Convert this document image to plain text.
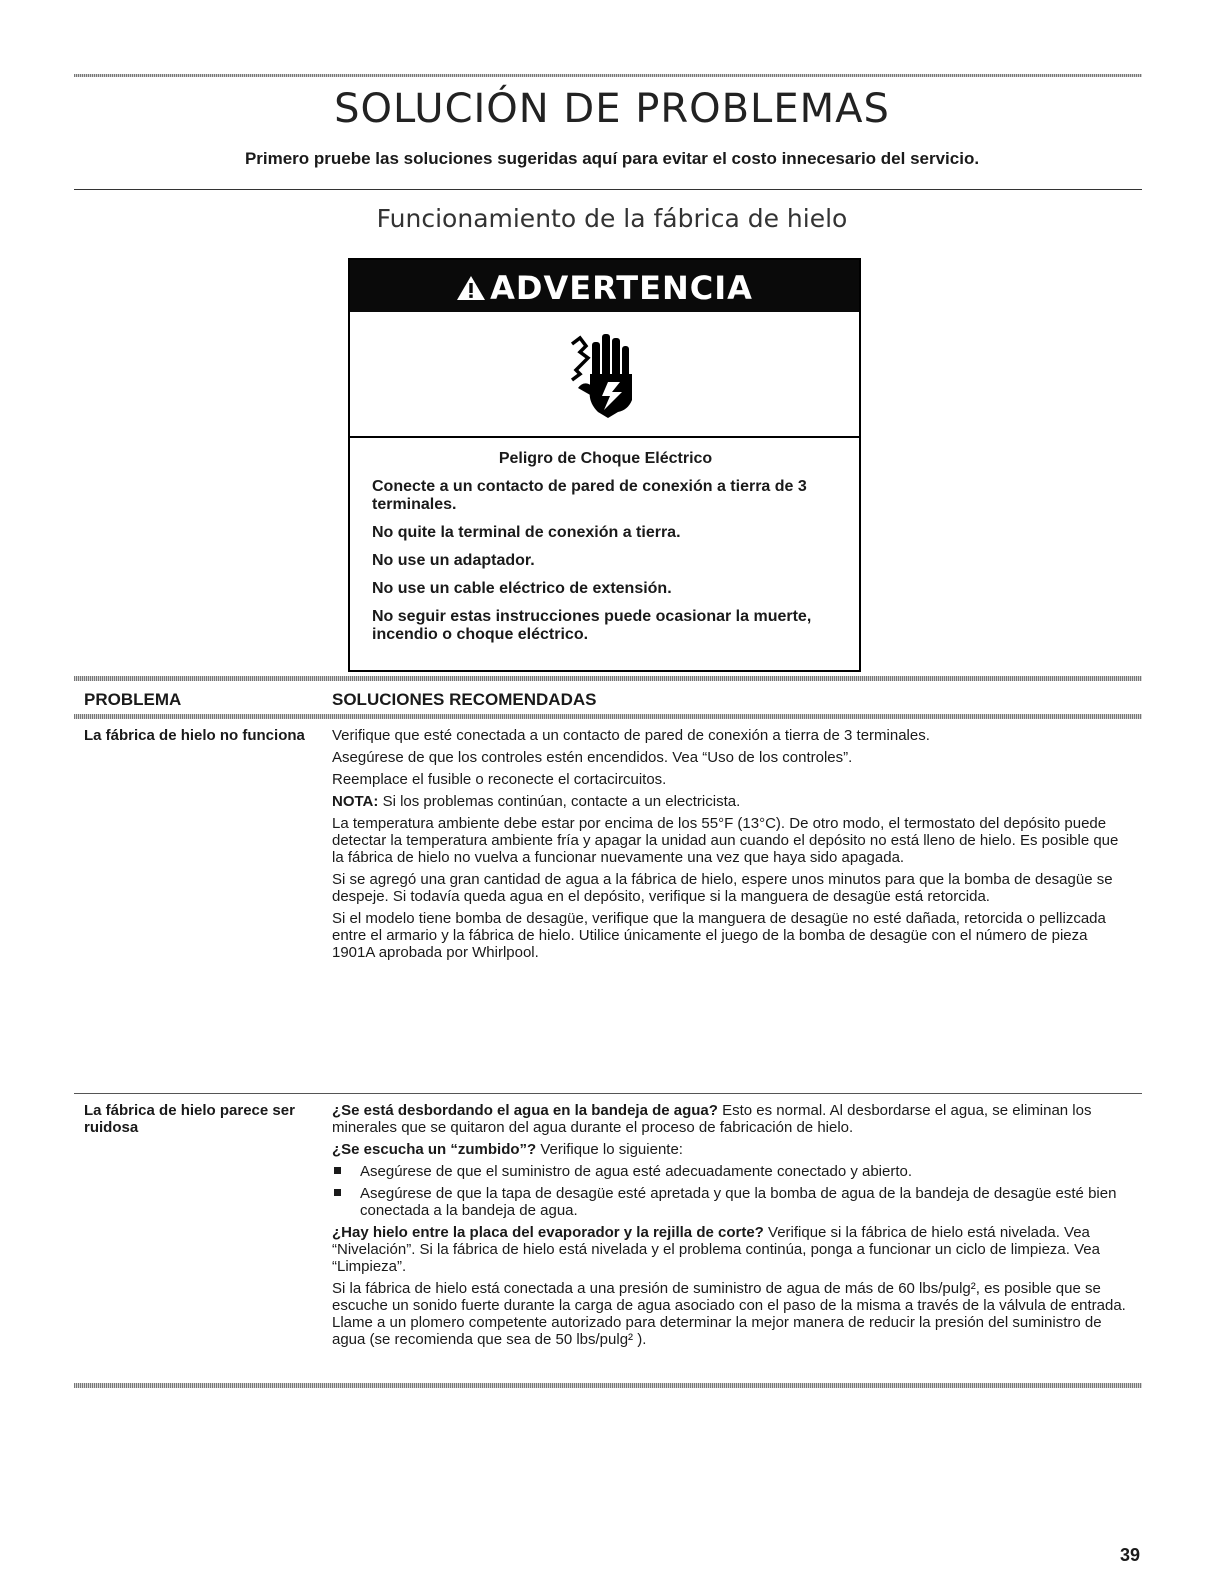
SOLUCIÓN DE PROBLEMAS

Primero pruebe las soluciones sugeridas aquí para evitar el costo innecesario del servicio.

Funcionamiento de la fábrica de hielo
ADVERTENCIA
Peligro de Choque Eléctrico

Conecte a un contacto de pared de conexión a tierra de 3 terminales.

No quite la terminal de conexión a tierra.

No use un adaptador.

No use un cable eléctrico de extensión.

No seguir estas instrucciones puede ocasionar la muerte, incendio o choque eléctrico.

PROBLEMA	SOLUCIONES RECOMENDADAS
La fábrica de hielo no funciona	Verifique que esté conectada a un contacto de pared de conexión a tierra de 3 terminales.

Asegúrese de que los controles estén encendidos. Vea “Uso de los controles”.

Reemplace el fusible o reconecte el cortacircuitos.

NOTA: Si los problemas continúan, contacte a un electricista.

La temperatura ambiente debe estar por encima de los 55°F (13°C). De otro modo, el termostato del depósito puede detectar la temperatura ambiente fría y apagar la unidad aun cuando el depósito no está lleno de hielo. Es posible que la fábrica de hielo no vuelva a funcionar nuevamente una vez que haya sido apagada.

Si se agregó una gran cantidad de agua a la fábrica de hielo, espere unos minutos para que la bomba de desagüe se despeje. Si todavía queda agua en el depósito, verifique si la manguera de desagüe está retorcida.

Si el modelo tiene bomba de desagüe, verifique que la manguera de desagüe no esté dañada, retorcida o pellizcada entre el armario y la fábrica de hielo. Utilice únicamente el juego de la bomba de desagüe con el número de pieza 1901A aprobada por Whirlpool.

La fábrica de hielo parece ser ruidosa

¿Se está desbordando el agua en la bandeja de agua? Esto es normal. Al desbordarse el agua, se eliminan los minerales que se quitaron del agua durante el proceso de fabricación de hielo.

¿Se escucha un “zumbido”? Verifique lo siguiente:

Asegúrese de que el suministro de agua esté adecuadamente conectado y abierto.
Asegúrese de que la tapa de desagüe esté apretada y que la bomba de agua de la bandeja de desagüe esté bien conectada a la bandeja de agua.

¿Hay hielo entre la placa del evaporador y la rejilla de corte? Verifique si la fábrica de hielo está nivelada. Vea “Nivelación”. Si la fábrica de hielo está nivelada y el problema continúa, ponga a funcionar un ciclo de limpieza. Vea “Limpieza”.

Si la fábrica de hielo está conectada a una presión de suministro de agua de más de 60 lbs/pulg², es posible que se escuche un sonido fuerte durante la carga de agua asociado con el paso de la misma a través de la válvula de entrada. Llame a un plomero competente autorizado para determinar la mejor manera de reducir la presión del suministro de agua (se recomienda que sea de 50 lbs/pulg² ).

39
